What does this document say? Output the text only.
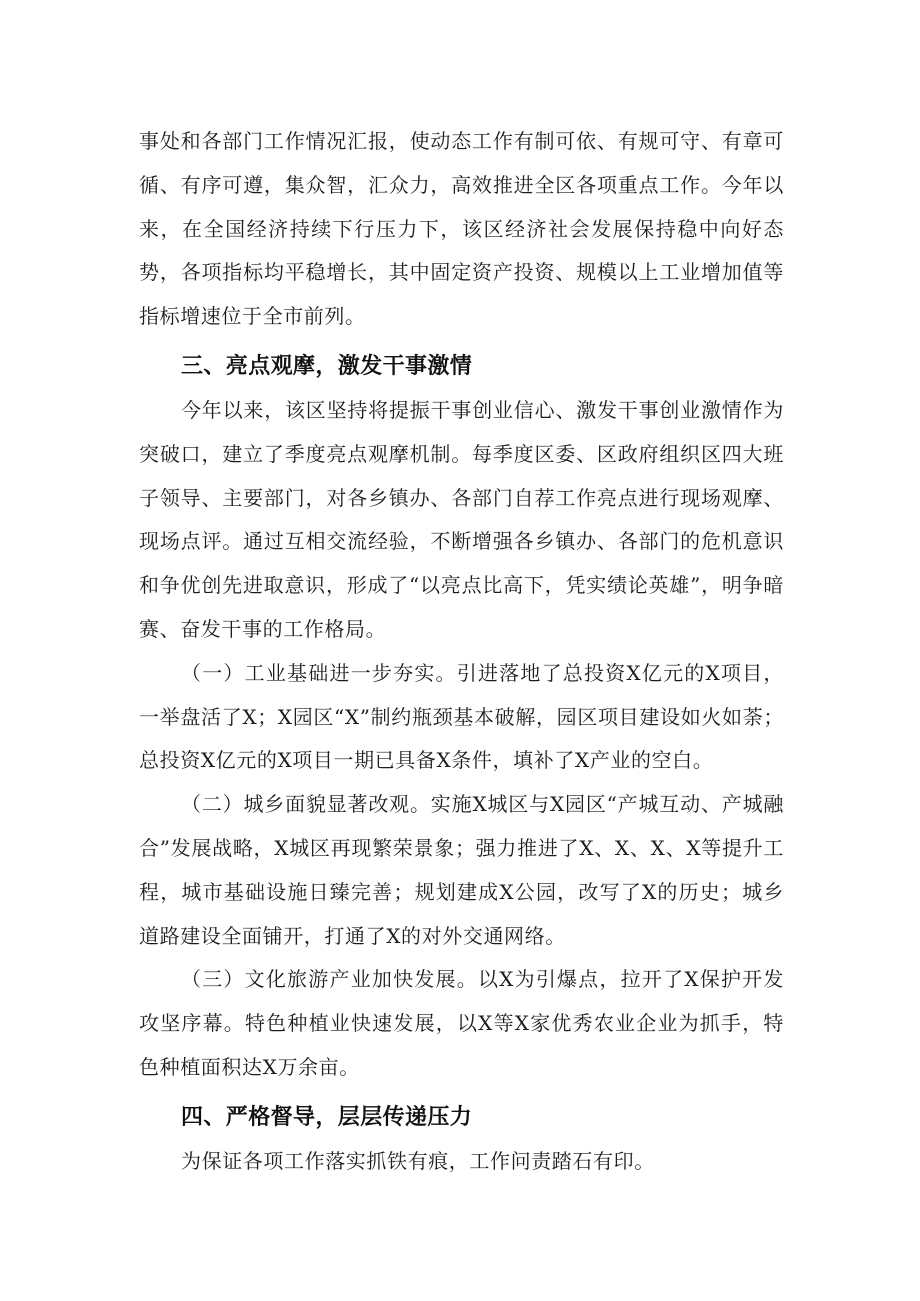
事处和各部门工作情况汇报，使动态工作有制可依、有规可守、有章可循、有序可遵，集众智，汇众力，高效推进全区各项重点工作。今年以来，在全国经济持续下行压力下，该区经济社会发展保持稳中向好态势，各项指标均平稳增长，其中固定资产投资、规模以上工业增加值等指标增速位于全市前列。

三、亮点观摩，激发干事激情

今年以来，该区坚持将提振干事创业信心、激发干事创业激情作为突破口，建立了季度亮点观摩机制。每季度区委、区政府组织区四大班子领导、主要部门，对各乡镇办、各部门自荐工作亮点进行现场观摩、现场点评。通过互相交流经验，不断增强各乡镇办、各部门的危机意识和争优创先进取意识，形成了“以亮点比高下，凭实绩论英雄”，明争暗赛、奋发干事的工作格局。

（一）工业基础进一步夯实。引进落地了总投资X亿元的X项目，一举盘活了X；X园区“X”制约瓶颈基本破解，园区项目建设如火如荼；总投资X亿元的X项目一期已具备X条件，填补了X产业的空白。

（二）城乡面貌显著改观。实施X城区与X园区“产城互动、产城融合”发展战略，X城区再现繁荣景象；强力推进了X、X、X、X等提升工程，城市基础设施日臻完善；规划建成X公园，改写了X的历史；城乡道路建设全面铺开，打通了X的对外交通网络。

（三）文化旅游产业加快发展。以X为引爆点，拉开了X保护开发攻坚序幕。特色种植业快速发展，以X等X家优秀农业企业为抓手，特色种植面积达X万余亩。

四、严格督导，层层传递压力

为保证各项工作落实抓铁有痕，工作问责踏石有印。
